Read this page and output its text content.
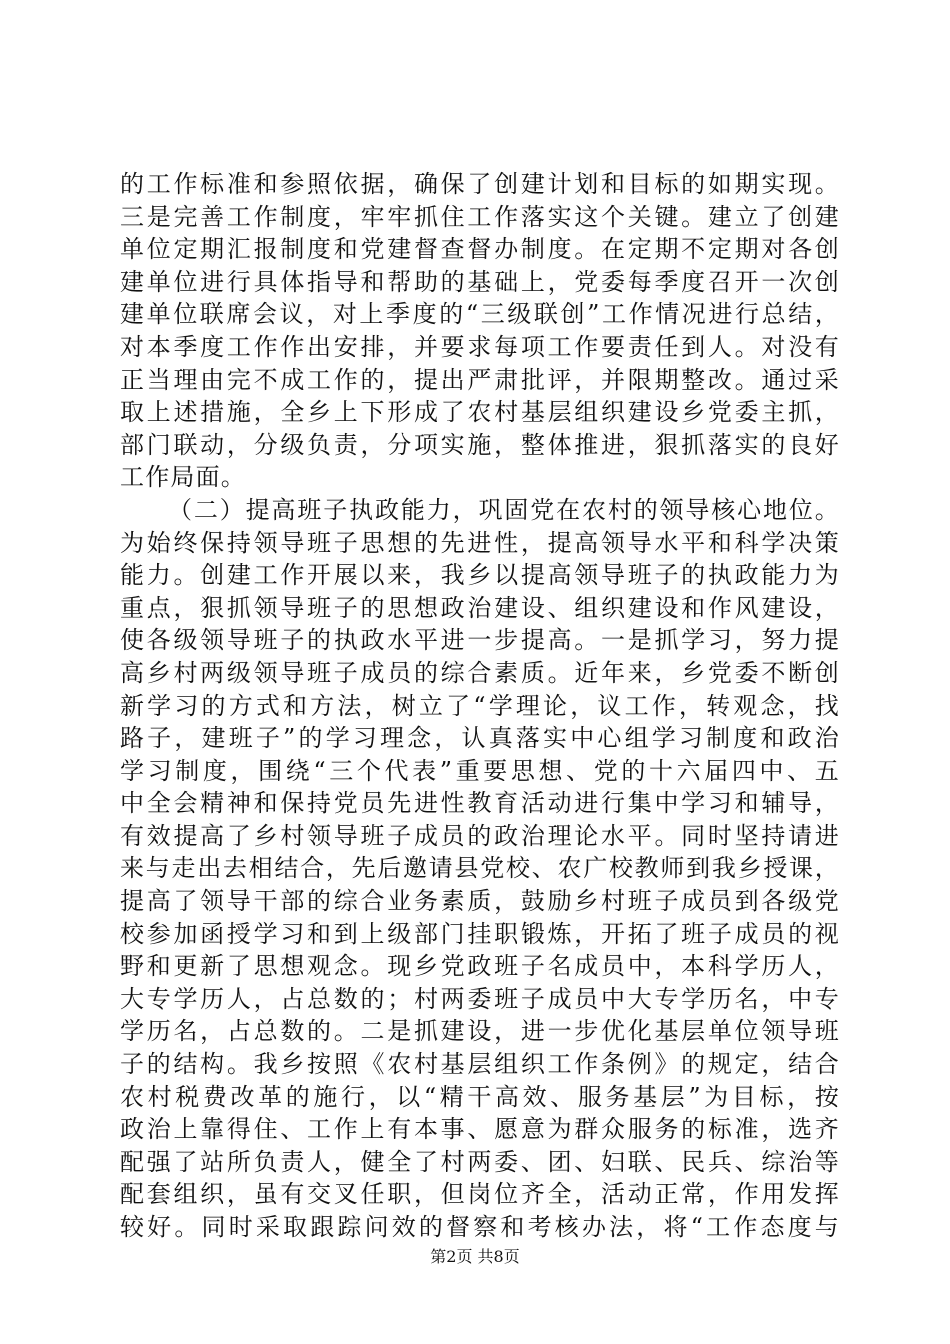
的工作标准和参照依据，确保了创建计划和目标的如期实现。
三是完善工作制度，牢牢抓住工作落实这个关键。建立了创建
单位定期汇报制度和党建督查督办制度。在定期不定期对各创
建单位进行具体指导和帮助的基础上，党委每季度召开一次创
建单位联席会议，对上季度的“三级联创”工作情况进行总结，
对本季度工作作出安排，并要求每项工作要责任到人。对没有
正当理由完不成工作的，提出严肃批评，并限期整改。通过采
取上述措施，全乡上下形成了农村基层组织建设乡党委主抓，
部门联动，分级负责，分项实施，整体推进，狠抓落实的良好
工作局面。
（二）提高班子执政能力，巩固党在农村的领导核心地位。
为始终保持领导班子思想的先进性，提高领导水平和科学决策
能力。创建工作开展以来，我乡以提高领导班子的执政能力为
重点，狠抓领导班子的思想政治建设、组织建设和作风建设，
使各级领导班子的执政水平进一步提高。一是抓学习，努力提
高乡村两级领导班子成员的综合素质。近年来，乡党委不断创
新学习的方式和方法，树立了“学理论，议工作，转观念，找
路子，建班子”的学习理念，认真落实中心组学习制度和政治
学习制度，围绕“三个代表”重要思想、党的十六届四中、五
中全会精神和保持党员先进性教育活动进行集中学习和辅导，
有效提高了乡村领导班子成员的政治理论水平。同时坚持请进
来与走出去相结合，先后邀请县党校、农广校教师到我乡授课，
提高了领导干部的综合业务素质，鼓励乡村班子成员到各级党
校参加函授学习和到上级部门挂职锻炼，开拓了班子成员的视
野和更新了思想观念。现乡党政班子名成员中，本科学历人，
大专学历人，占总数的；村两委班子成员中大专学历名，中专
学历名，占总数的。二是抓建设，进一步优化基层单位领导班
子的结构。我乡按照《农村基层组织工作条例》的规定，结合
农村税费改革的施行，以“精干高效、服务基层”为目标，按
政治上靠得住、工作上有本事、愿意为群众服务的标准，选齐
配强了站所负责人，健全了村两委、团、妇联、民兵、综治等
配套组织，虽有交叉任职，但岗位齐全，活动正常，作用发挥
较好。同时采取跟踪问效的督察和考核办法，将“工作态度与
第2页 共8页
